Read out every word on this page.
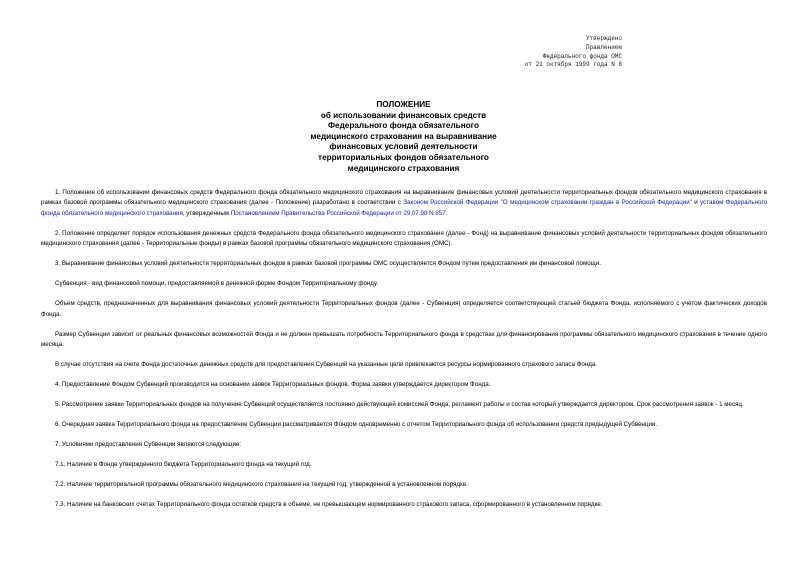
Утверждено
Правлением
Федерального фонда ОМС
от 21 октября 1999 года N 8
ПОЛОЖЕНИЕ
об использовании финансовых средств
Федерального фонда обязательного
медицинского страхования на выравнивание
финансовых условий деятельности
территориальных фондов обязательного
медицинского страхования

1. Положение об использовании финансовых средств Федерального фонда обязательного медицинского страхования на выравнивание финансовых условий деятельности территориальных фондов обязательного медицинского страхования в рамках базовой программы обязательного медицинского страхования (далее - Положение) разработано в соответствии с Законом Российской Федерации "О медицинском страховании граждан в Российской Федерации" и уставом Федерального фонда обязательного медицинского страхования, утвержденным Постановлением Правительства Российской Федерации от 29.07.98 N 857.

2. Положение определяет порядок использования денежных средств Федерального фонда обязательного медицинского страхования (далее - Фонд) на выравнивание финансовых условий деятельности территориальных фондов обязательного медицинского страхования (далее - Территориальные фонды) в рамках базовой программы обязательного медицинского страхования (ОМС).

3. Выравнивание финансовых условий деятельности территориальных фондов в рамках базовой программы ОМС осуществляется Фондом путем предоставления им финансовой помощи.

Субвенция - вид финансовой помощи, предоставляемой в денежной форме Фондом Территориальному фонду.

Объем средств, предназначенных для выравнивания финансовых условий деятельности Территориальных фондов (далее - Субвенция) определяется соответствующей статьей бюджета Фонда, исполняемого с учетом фактических доходов Фонда.

Размер Субвенции зависит от реальных финансовых возможностей Фонда и не должен превышать потребность Территориального фонда в средствах для финансирования программы обязательного медицинского страхования в течение одного месяца.

В случае отсутствия на счете Фонда достаточных денежных средств для предоставления Субвенций на указанные цели привлекаются ресурсы нормированного страхового запаса Фонда.

4. Предоставление Фондом Субвенций производится на основании заявок Территориальных фондов. Форма заявки утверждается директором Фонда.

5. Рассмотрение заявки Территориальных фондов на получение Субвенций осуществляется постоянно действующей комиссией Фонда, регламент работы и состав который утверждается директором. Срок рассмотрения заявок - 1 месяц.

6. Очередная заявка Территориального фонда на предоставление Субвенции рассматривается Фондом одновременно с отчетом Территориального фонда об использовании средств предыдущей Субвенции.

7. Условиями предоставления Субвенции являются следующие:

7.1. Наличие в Фонде утвержденного бюджета Территориального фонда на текущий год.

7.2. Наличие территориальной программы обязательного медицинского страхования на текущий год, утвержденной в установленном порядке.

7.3. Наличие на банковских счетах Территориального фонда остатков средств в объеме, не превышающем нормированного страхового запаса, сформированного в установленном порядке.
